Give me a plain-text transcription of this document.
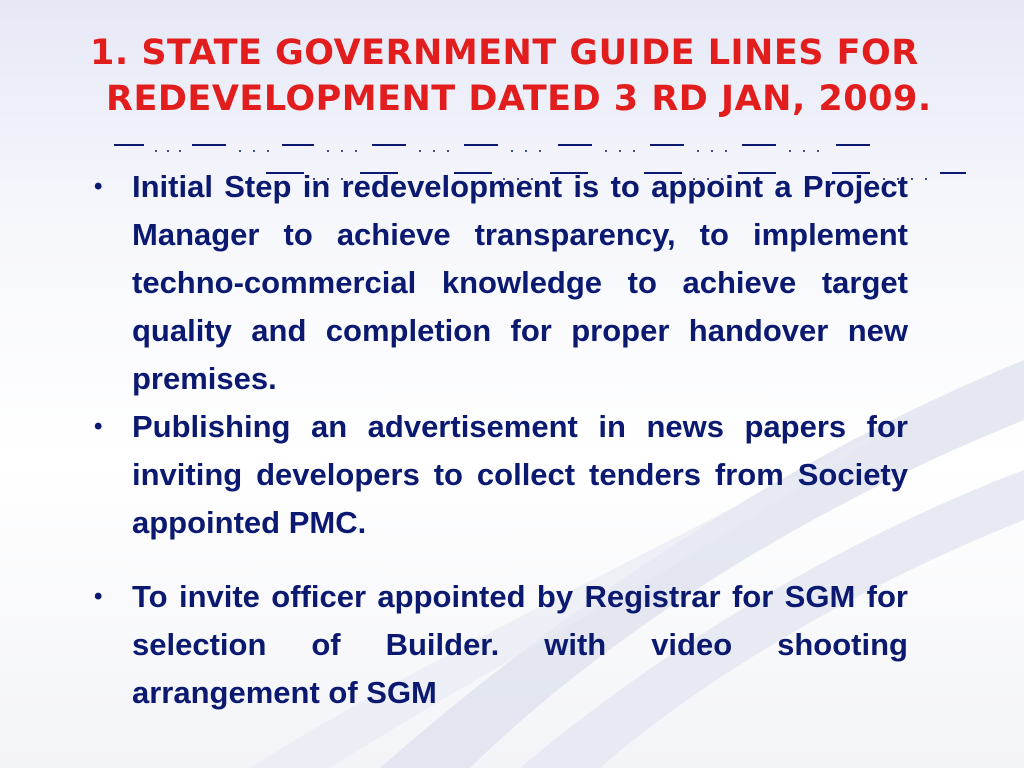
1. STATE GOVERNMENT GUIDE LINES FOR
REDEVELOPMENT DATED 3 RD JAN, 2009.
• Initial Step in redevelopment is to appoint a Project Manager to achieve transparency, to implement techno-commercial knowledge to achieve target quality and completion for proper handover new premises.
• Publishing an advertisement in news papers for inviting developers to collect tenders from Society appointed PMC.
• To invite officer appointed by Registrar for SGM for selection of Builder. with video shooting arrangement of SGM
